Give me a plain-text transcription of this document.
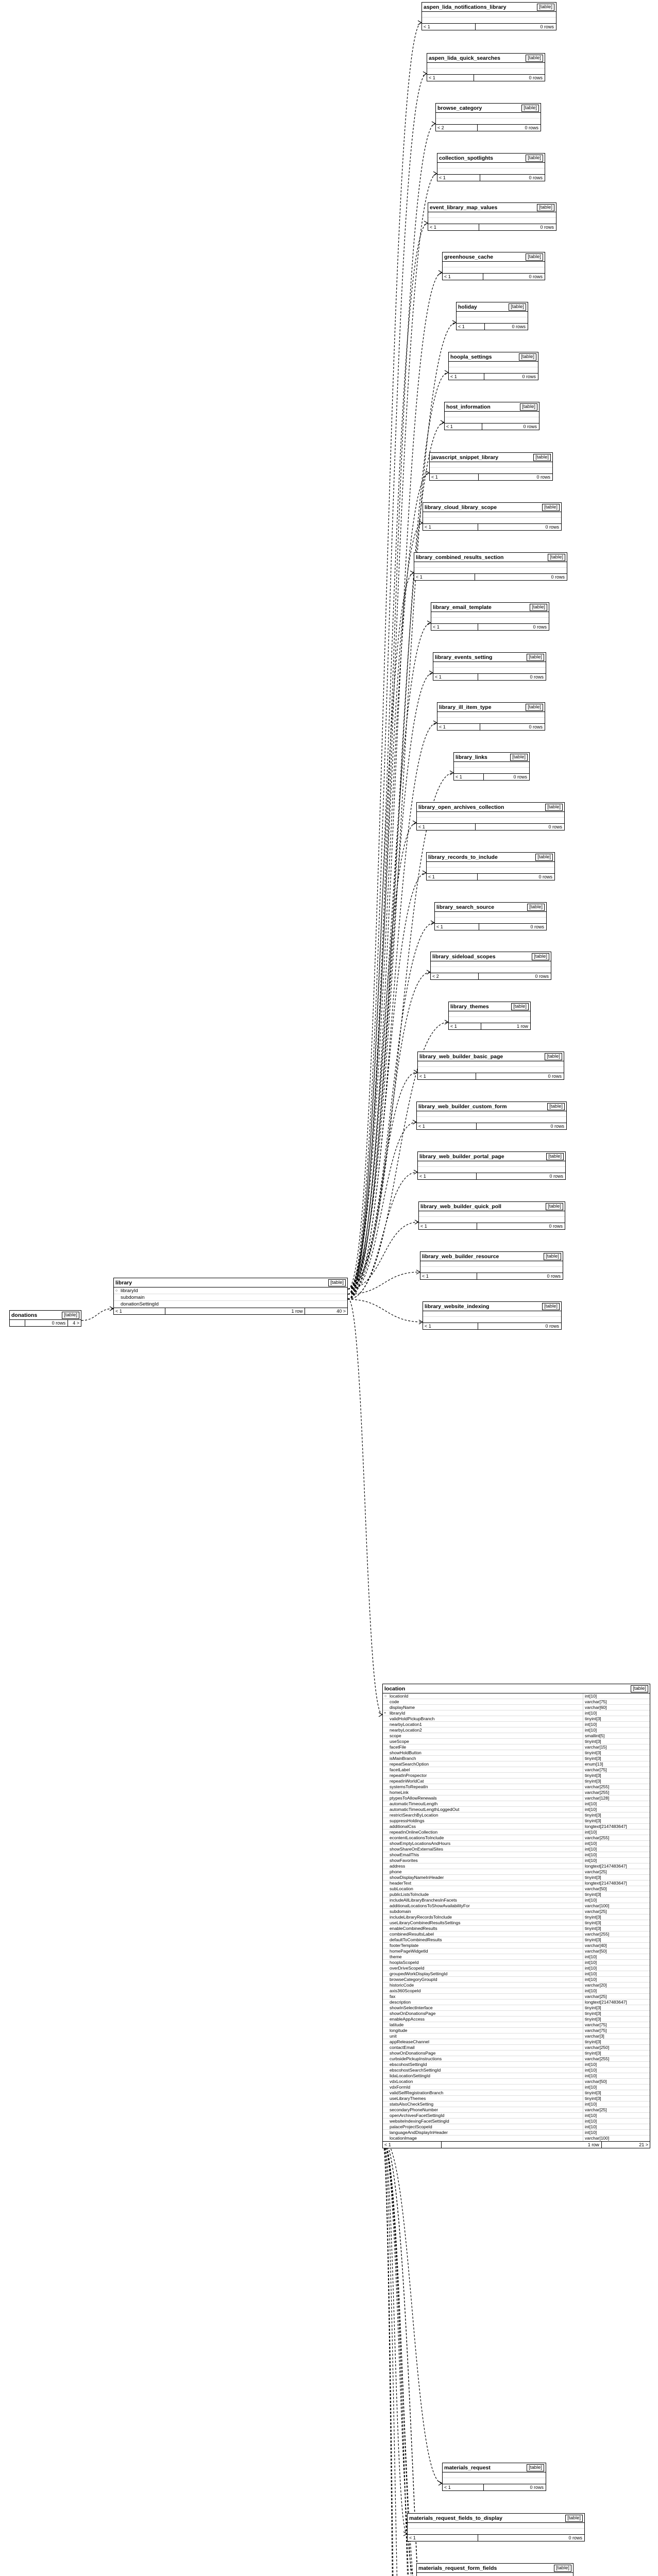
donations	[table]
0 rows	4 >
library	[table]
○ libraryId
subdomain
donationSettingId
< 1	1 row	40 >
location	[table]
○ locationId	int[10]
code	varchar[75]
displayName	varchar[60]
• libraryId	int[10]
validHoldPickupBranch	tinyint[3]
nearbyLocation1	int[10]
nearbyLocation2	int[10]
scope	smallint[5]
useScope	tinyint[3]
facetFile	varchar[15]
showHoldButton	tinyint[3]
isMainBranch	tinyint[3]
repeatSearchOption	enum[13]
facetLabel	varchar[75]
repeatInProspector	tinyint[3]
repeatInWorldCat	tinyint[3]
systemsToRepeatIn	varchar[255]
homeLink	varchar[255]
ptypesToAllowRenewals	varchar[128]
automaticTimeoutLength	int[10]
automaticTimeoutLengthLoggedOut	int[10]
restrictSearchByLocation	tinyint[3]
suppressHoldings	tinyint[3]
additionalCss	longtext[2147483647]
repeatInOnlineCollection	int[10]
econtentLocationsToInclude	varchar[255]
showEmptyLocationsAndHours	int[10]
showShareOnExternalSites	int[10]
showEmailThis	int[10]
showFavorites	int[10]
address	longtext[2147483647]
phone	varchar[25]
showDisplayNameInHeader	tinyint[3]
headerText	longtext[2147483647]
subLocation	varchar[50]
publicListsToInclude	tinyint[3]
includeAllLibraryBranchesInFacets	int[10]
additionalLocationsToShowAvailabilityFor	varchar[100]
subdomain	varchar[25]
includeLibraryRecordsToInclude	tinyint[3]
useLibraryCombinedResultsSettings	tinyint[3]
enableCombinedResults	tinyint[3]
combinedResultsLabel	varchar[255]
defaultToCombinedResults	tinyint[3]
footerTemplate	varchar[40]
homePageWidgetId	varchar[50]
theme	int[10]
hooplaScopeId	int[10]
overDriveScopeId	int[10]
groupedWorkDisplaySettingId	int[10]
browseCategoryGroupId	int[10]
historicCode	varchar[20]
axis360ScopeId	int[10]
fax	varchar[25]
description	longtext[2147483647]
showInSelectInterface	tinyint[3]
showOnDonationsPage	tinyint[3]
enableAppAccess	tinyint[3]
latitude	varchar[75]
longitude	varchar[75]
unit	varchar[3]
appReleaseChannel	tinyint[3]
contactEmail	varchar[250]
showOnDonationsPage	tinyint[3]
curbsidePickupInstructions	varchar[255]
ebscohostSettingId	int[10]
ebscohostSearchSettingId	int[10]
lidaLocationSettingId	int[10]
vdxLocation	varchar[50]
vdxFormId	int[10]
validSelfRegistrationBranch	tinyint[3]
useLibraryThemes	tinyint[3]
statsAlsoCheckSetting	int[10]
secondaryPhoneNumber	varchar[25]
openArchivesFacetSettingId	int[10]
websiteIndexingFacetSettingId	int[10]
palaceProjectScopeId	int[10]
languageAndDisplayInHeader	int[10]
locationImage	varchar[100]
< 1	1 row	21 >
aspen_lida_notifications_library	[table]

< 1	0 rows
aspen_lida_quick_searches	[table]

< 1	0 rows
browse_category	[table]

< 2	0 rows
collection_spotlights	[table]

< 1	0 rows
event_library_map_values	[table]

< 1	0 rows
greenhouse_cache	[table]

< 1	0 rows
holiday	[table]

< 1	0 rows
hoopla_settings	[table]

< 1	0 rows
host_information	[table]

< 1	0 rows
javascript_snippet_library	[table]

< 1	0 rows
library_cloud_library_scope	[table]

< 1	0 rows
library_combined_results_section	[table]

< 1	0 rows
library_email_template	[table]

< 1	0 rows
library_events_setting	[table]

< 1	0 rows
library_ill_item_type	[table]

< 1	0 rows
library_links	[table]

< 1	0 rows
library_open_archives_collection	[table]

< 1	0 rows
library_records_to_include	[table]

< 1	0 rows
library_search_source	[table]

< 1	0 rows
library_sideload_scopes	[table]

< 2	0 rows
library_themes	[table]

< 1	1 row
library_web_builder_basic_page	[table]

< 1	0 rows
library_web_builder_custom_form	[table]

< 1	0 rows
library_web_builder_portal_page	[table]

< 1	0 rows
library_web_builder_quick_poll	[table]

< 1	0 rows
library_web_builder_resource	[table]

< 1	0 rows
library_website_indexing	[table]

< 1	0 rows
materials_request	[table]

< 1	0 rows
materials_request_fields_to_display	[table]

< 1	0 rows
materials_request_form_fields	[table]
